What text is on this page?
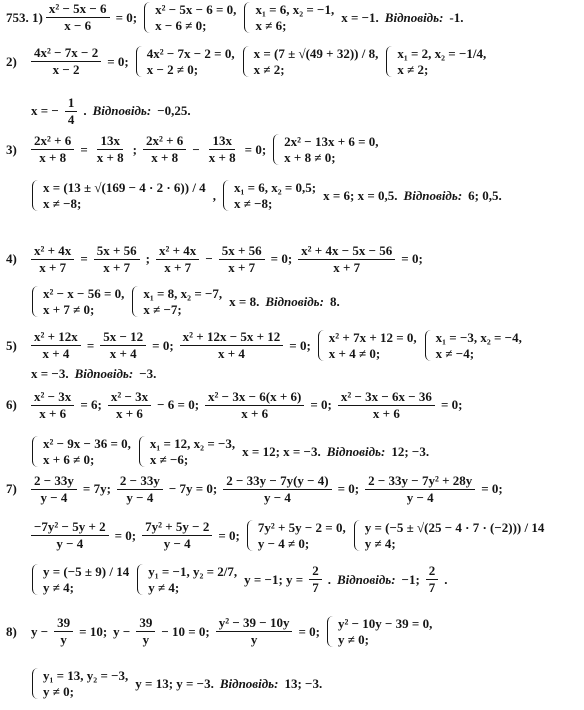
753. $1) \frac{\text{x² − 5x − 6}}{x - 6} = 0$;
x² − 5x − 6 = 0,
x − 6 ≠ 0;
x₁ = 6, x₂ = −1,
x ≠ 6;
x = −1. Відповідь: -1.
2)	$\frac{\text{4x² − 7x − 2}}{x - 2} = 0$;
4x² − 7x − 2 = 0,
x − 2 ≠ 0;
x = (7 ± √(49 + 32)) / 8,
x ≠ 2;
x₁ = 2, x₂ = −1/4,
x ≠ 2;
x = − $\frac{1}{4}$ . Відповідь: −0,25.
3)	$\frac{\text{2x² + 6}}{x + 8} = \frac{13x}{x + 8}$ ; $\frac{\text{2x² + 6}}{x + 8} - \frac{13x}{x + 8} = 0$;
2x² − 13x + 6 = 0,
x + 8 ≠ 0;
x = (13 ± √(169 − 4 · 2 · 6)) / 4
x ≠ −8;
,
x₁ = 6, x₂ = 0,5;
x ≠ −8;
x = 6; x = 0,5. Відповідь: 6; 0,5.
4)	$\frac{\text{x² + 4x}}{x + 7} = \frac{5x + 56}{x + 7}$ ; $\frac{\text{x² + 4x}}{x + 7} - \frac{5x + 56}{x + 7} = 0$; $\frac{\text{x² + 4x − 5x − 56}}{x + 7} = 0$;
x² − x − 56 = 0,
x + 7 ≠ 0;
x₁ = 8, x₂ = −7,
x ≠ −7;
x = 8. Відповідь: 8.
5)	$\frac{\text{x² + 12x}}{x + 4} = \frac{5x - 12}{x + 4} = 0$; $\frac{\text{x² + 12x − 5x + 12}}{x + 4} = 0$;
x² + 7x + 12 = 0,
x + 4 ≠ 0;
x₁ = −3, x₂ = −4,
x ≠ −4;
x = −3. Відповідь: −3.
6)	$\frac{\text{x² − 3x}}{x + 6} = 6$; $\frac{\text{x² − 3x}}{x + 6} - 6 = 0$; $\frac{\text{x² − 3x − 6(x + 6)}}{x + 6} = 0$; $\frac{\text{x² − 3x − 6x − 36}}{x + 6} = 0$;
x² − 9x − 36 = 0,
x + 6 ≠ 0;
x₁ = 12, x₂ = −3,
x ≠ −6;
x = 12; x = −3. Відповідь: 12; −3.
7)	$\frac{2 - 33y}{y - 4} = 7y$; $\frac{2 - 33y}{y - 4} - 7y = 0$; $\frac{2 - 33y - 7y(y - 4)}{y - 4} = 0$; $\frac{\text{2 − 33y − 7y² + 28y}}{y - 4} = 0$;
$\frac{\text{−7y² − 5y + 2}}{y - 4} = 0$; $\frac{\text{7y² + 5y − 2}}{y - 4} = 0$;
7y² + 5y − 2 = 0,
y − 4 ≠ 0;
y = (−5 ± √(25 − 4 · 7 · (−2))) / 14
y ≠ 4;
y = (−5 ± 9) / 14
y ≠ 4;
y₁ = −1, y₂ = 2/7,
y ≠ 4;
y = −1; $y = \frac{2}{7}$ . Відповідь: −1; $\frac{2}{7}$ .
8)	$y - \frac{39}{y} = 10$; $y - \frac{39}{y} - 10 = 0$; $\frac{\text{y² − 39 − 10y}}{y} = 0$;
y² − 10y − 39 = 0,
y ≠ 0;
y₁ = 13, y₂ = −3,
y ≠ 0;
y = 13; y = −3. Відповідь: 13; −3.
